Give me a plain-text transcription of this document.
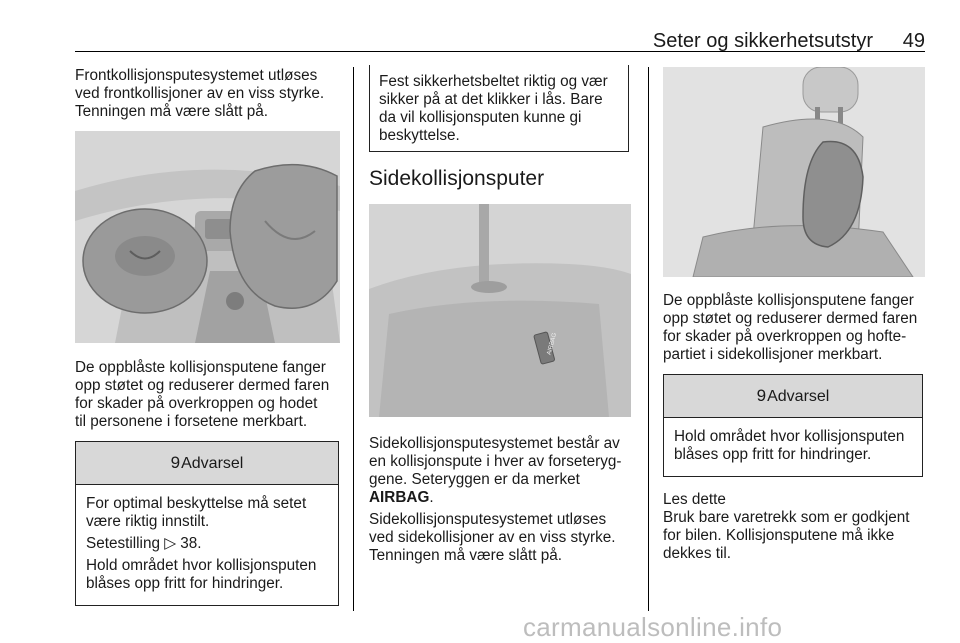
Seter og sikkerhetsutstyr 49

Frontkollisjonsputesystemet utløses
ved frontkollisjoner av en viss styrke.
Tenningen må være slått på.

De oppblåste kollisjonsputene fanger
opp støtet og reduserer dermed faren
for skader på overkroppen og hodet
til personene i forsetene merkbart.

9Advarsel

For optimal beskyttelse må setet
være riktig innstilt.

Setestilling ▷ 38.

Hold området hvor kollisjonsputen
blåses opp fritt for hindringer.

Fest sikkerhetsbeltet riktig og vær
sikker på at det klikker i lås. Bare
da vil kollisjonsputen kunne gi
beskyttelse.

Sidekollisjonsputer
AIRBAG

Sidekollisjonsputesystemet består av
en kollisjonspute i hver av forseteryg-
gene. Seteryggen er da merket
AIRBAG.

Sidekollisjonsputesystemet utløses
ved sidekollisjoner av en viss styrke.
Tenningen må være slått på.

De oppblåste kollisjonsputene fanger
opp støtet og reduserer dermed faren
for skader på overkroppen og hofte-
partiet i sidekollisjoner merkbart.

9Advarsel

Hold området hvor kollisjonsputen
blåses opp fritt for hindringer.

Les dette

Bruk bare varetrekk som er godkjent
for bilen. Kollisjonsputene må ikke
dekkes til.

carmanualsonline.info
